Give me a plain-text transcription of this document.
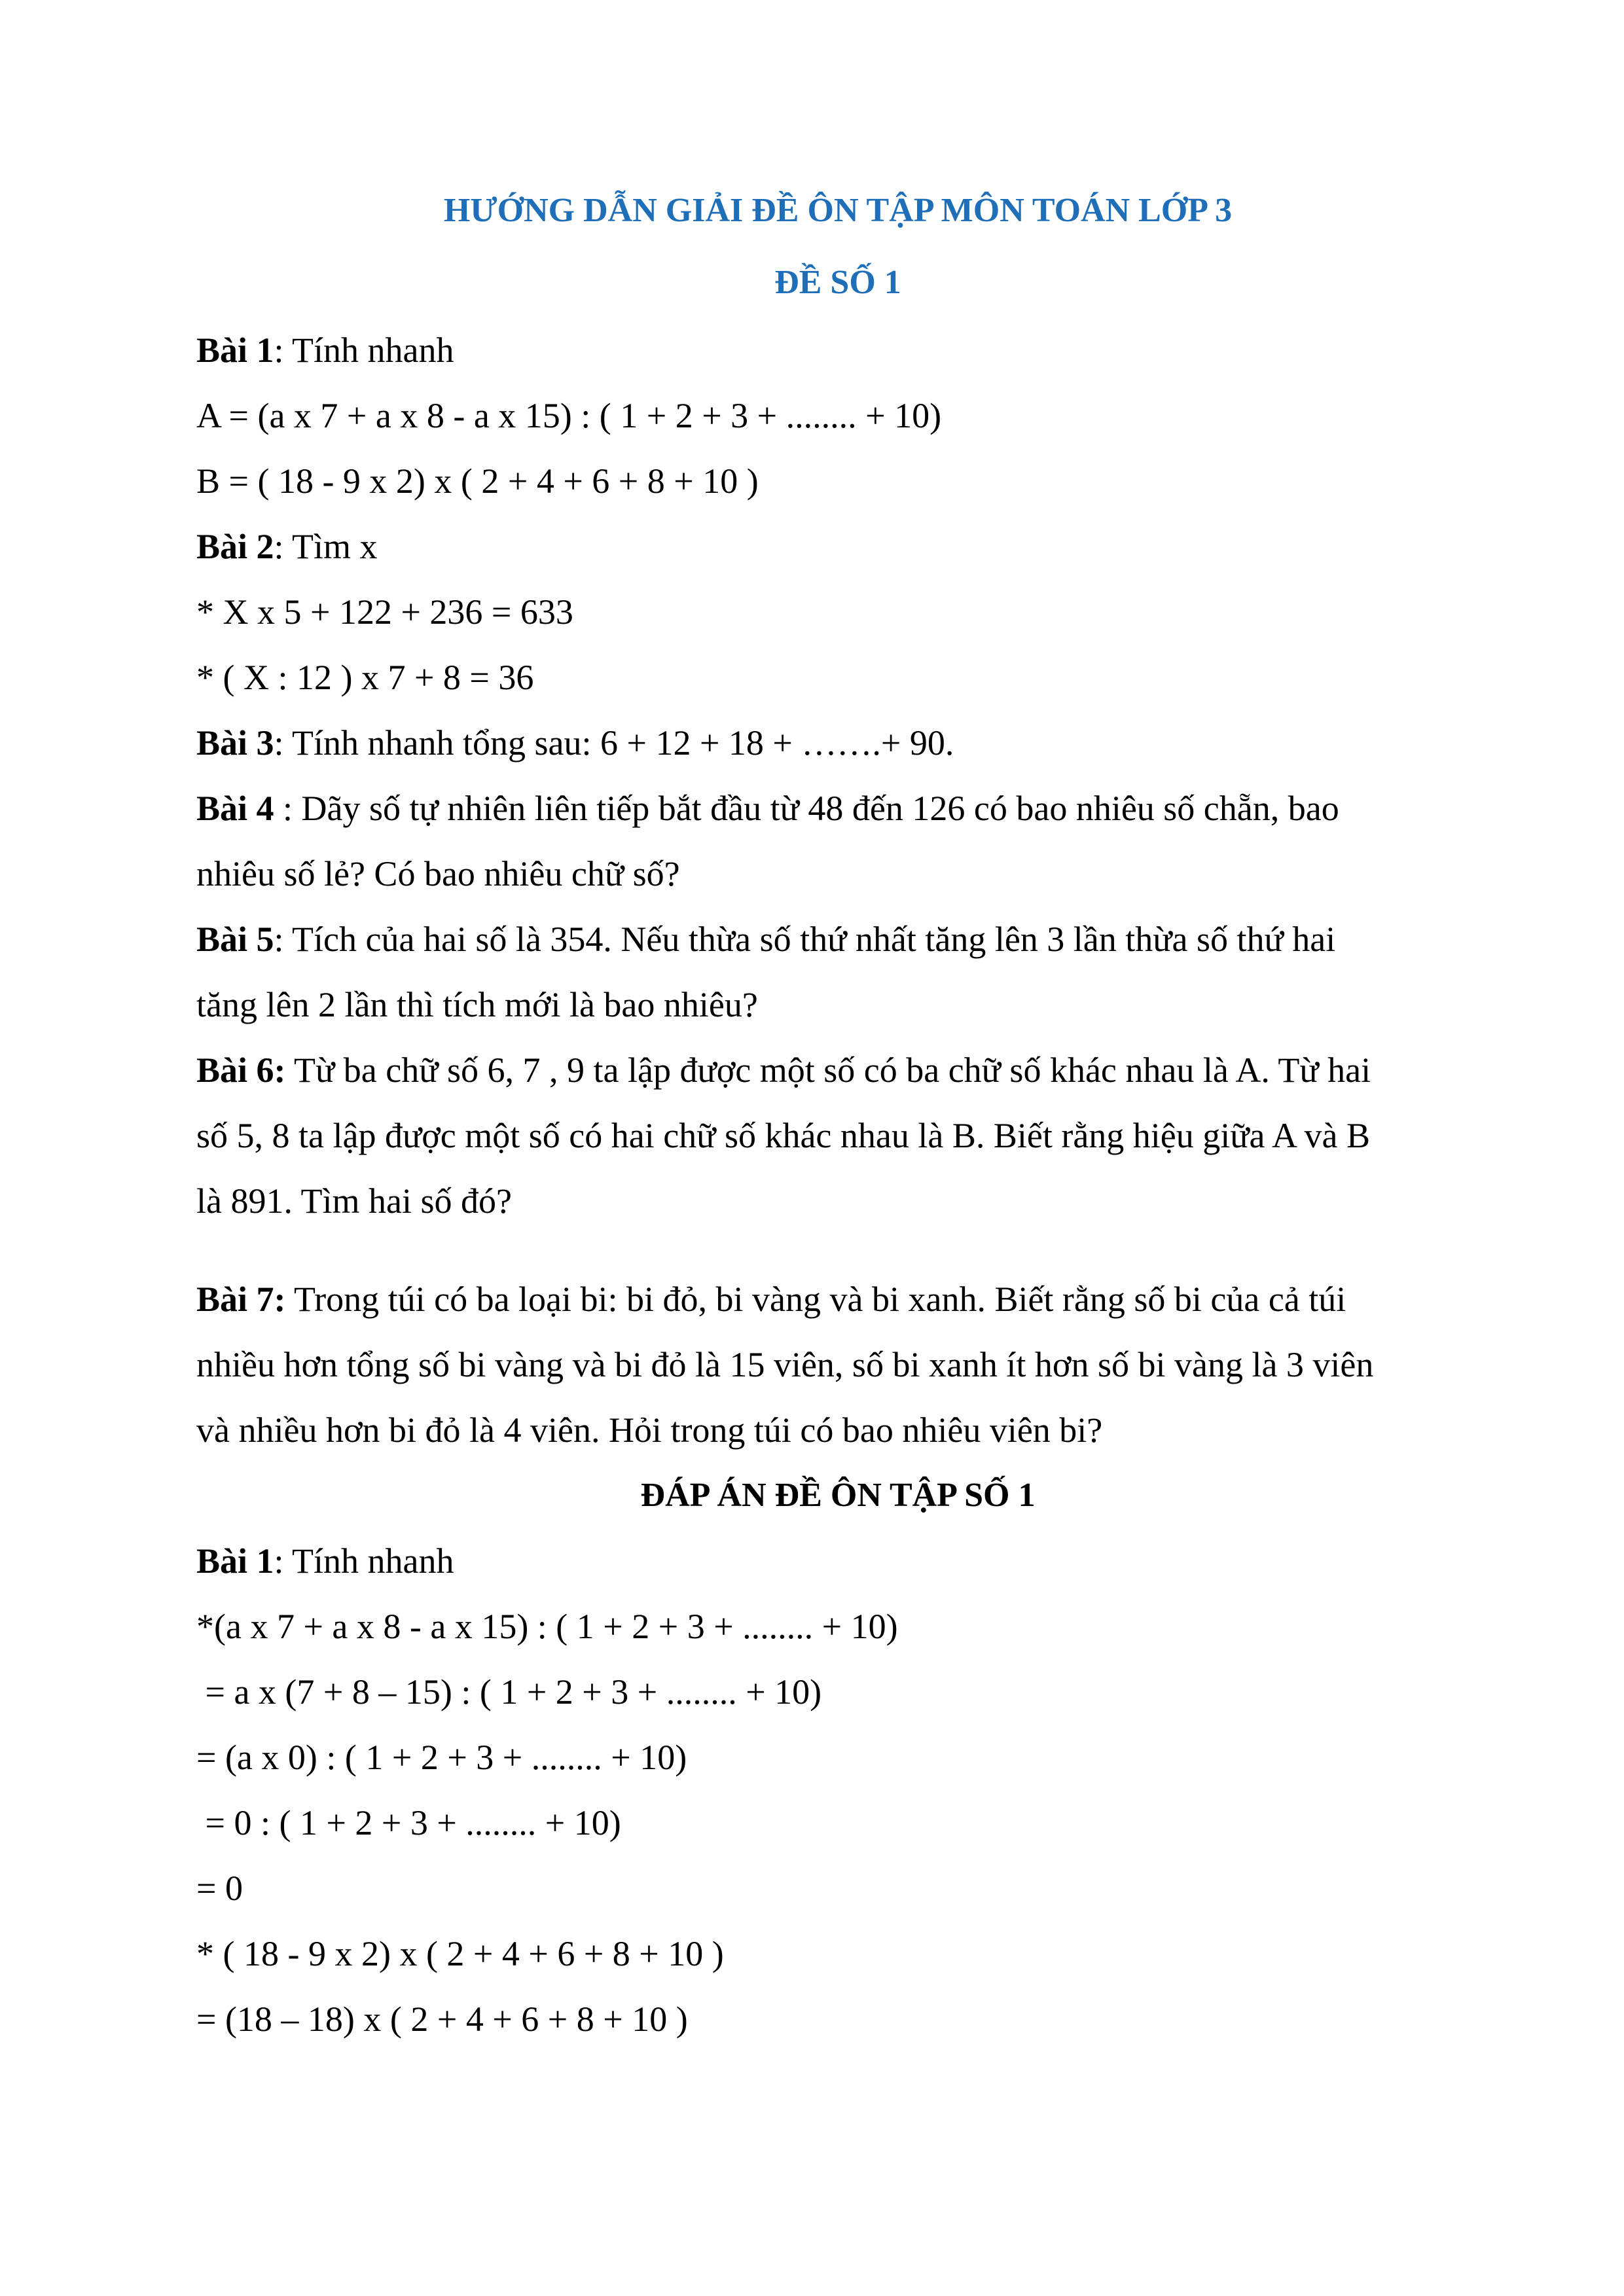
HƯỚNG DẪN GIẢI ĐỀ ÔN TẬP MÔN TOÁN LỚP 3

ĐỀ SỐ 1

Bài 1: Tính nhanh

A = (a x 7 + a x 8 - a x 15) : ( 1 + 2 + 3 + ........ + 10)

B = ( 18 - 9 x 2) x ( 2 + 4 + 6 + 8 + 10 )

Bài 2: Tìm x

* X x 5 + 122 + 236 = 633

* ( X : 12 ) x 7 + 8 = 36

Bài 3: Tính nhanh tổng sau: 6 + 12 + 18 + …….+ 90.

Bài 4 : Dãy số tự nhiên liên tiếp bắt đầu từ 48 đến 126 có bao nhiêu số chẵn, bao

nhiêu số lẻ? Có bao nhiêu chữ số?

Bài 5: Tích của hai số là 354. Nếu thừa số thứ nhất tăng lên 3 lần thừa số thứ hai

tăng lên 2 lần thì tích mới là bao nhiêu?

Bài 6: Từ ba chữ số 6, 7 , 9 ta lập được một số có ba chữ số khác nhau là A. Từ hai

số 5, 8 ta lập được một số có hai chữ số khác nhau là B. Biết rằng hiệu giữa A và B

là 891. Tìm hai số đó?

Bài 7: Trong túi có ba loại bi: bi đỏ, bi vàng và bi xanh. Biết rằng số bi của cả túi

nhiều hơn tổng số bi vàng và bi đỏ là 15 viên, số bi xanh ít hơn số bi vàng là 3 viên

và nhiều hơn bi đỏ là 4 viên. Hỏi trong túi có bao nhiêu viên bi?

ĐÁP ÁN ĐỀ ÔN TẬP SỐ 1

Bài 1: Tính nhanh

*(a x 7 + a x 8 - a x 15) : ( 1 + 2 + 3 + ........ + 10)

= a x (7 + 8 – 15) : ( 1 + 2 + 3 + ........ + 10)

= (a x 0) : ( 1 + 2 + 3 + ........ + 10)

= 0 : ( 1 + 2 + 3 + ........ + 10)

= 0

* ( 18 - 9 x 2) x ( 2 + 4 + 6 + 8 + 10 )

= (18 – 18) x ( 2 + 4 + 6 + 8 + 10 )
